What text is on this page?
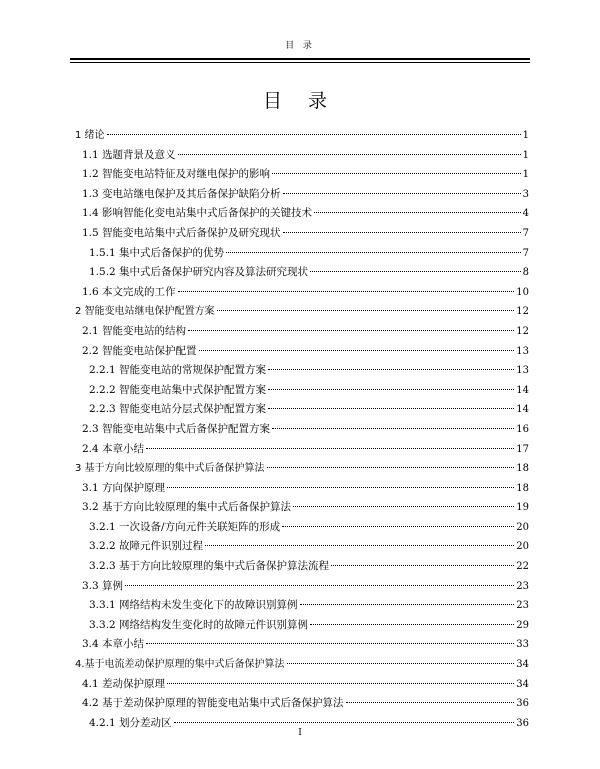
目 录
目 录
1 绪论	1
1.1 选题背景及意义	1
1.2 智能变电站特征及对继电保护的影响	1
1.3 变电站继电保护及其后备保护缺陷分析	3
1.4 影响智能化变电站集中式后备保护的关键技术	4
1.5 智能变电站集中式后备保护及研究现状	7
1.5.1 集中式后备保护的优势	7
1.5.2 集中式后备保护研究内容及算法研究现状	8
1.6 本文完成的工作	10
2 智能变电站继电保护配置方案	12
2.1 智能变电站的结构	12
2.2 智能变电站保护配置	13
2.2.1 智能变电站的常规保护配置方案	13
2.2.2 智能变电站集中式保护配置方案	14
2.2.3 智能变电站分层式保护配置方案	14
2.3 智能变电站集中式后备保护配置方案	16
2.4 本章小结	17
3 基于方向比较原理的集中式后备保护算法	18
3.1 方向保护原理	18
3.2 基于方向比较原理的集中式后备保护算法	19
3.2.1 一次设备/方向元件关联矩阵的形成	20
3.2.2 故障元件识别过程	20
3.2.3 基于方向比较原理的集中式后备保护算法流程	22
3.3 算例	23
3.3.1 网络结构未发生变化下的故障识别算例	23
3.3.2 网络结构发生变化时的故障元件识别算例	29
3.4 本章小结	33
4.基于电流差动保护原理的集中式后备保护算法	34
4.1 差动保护原理	34
4.2 基于差动保护原理的智能变电站集中式后备保护算法	36
4.2.1 划分差动区	36
I
